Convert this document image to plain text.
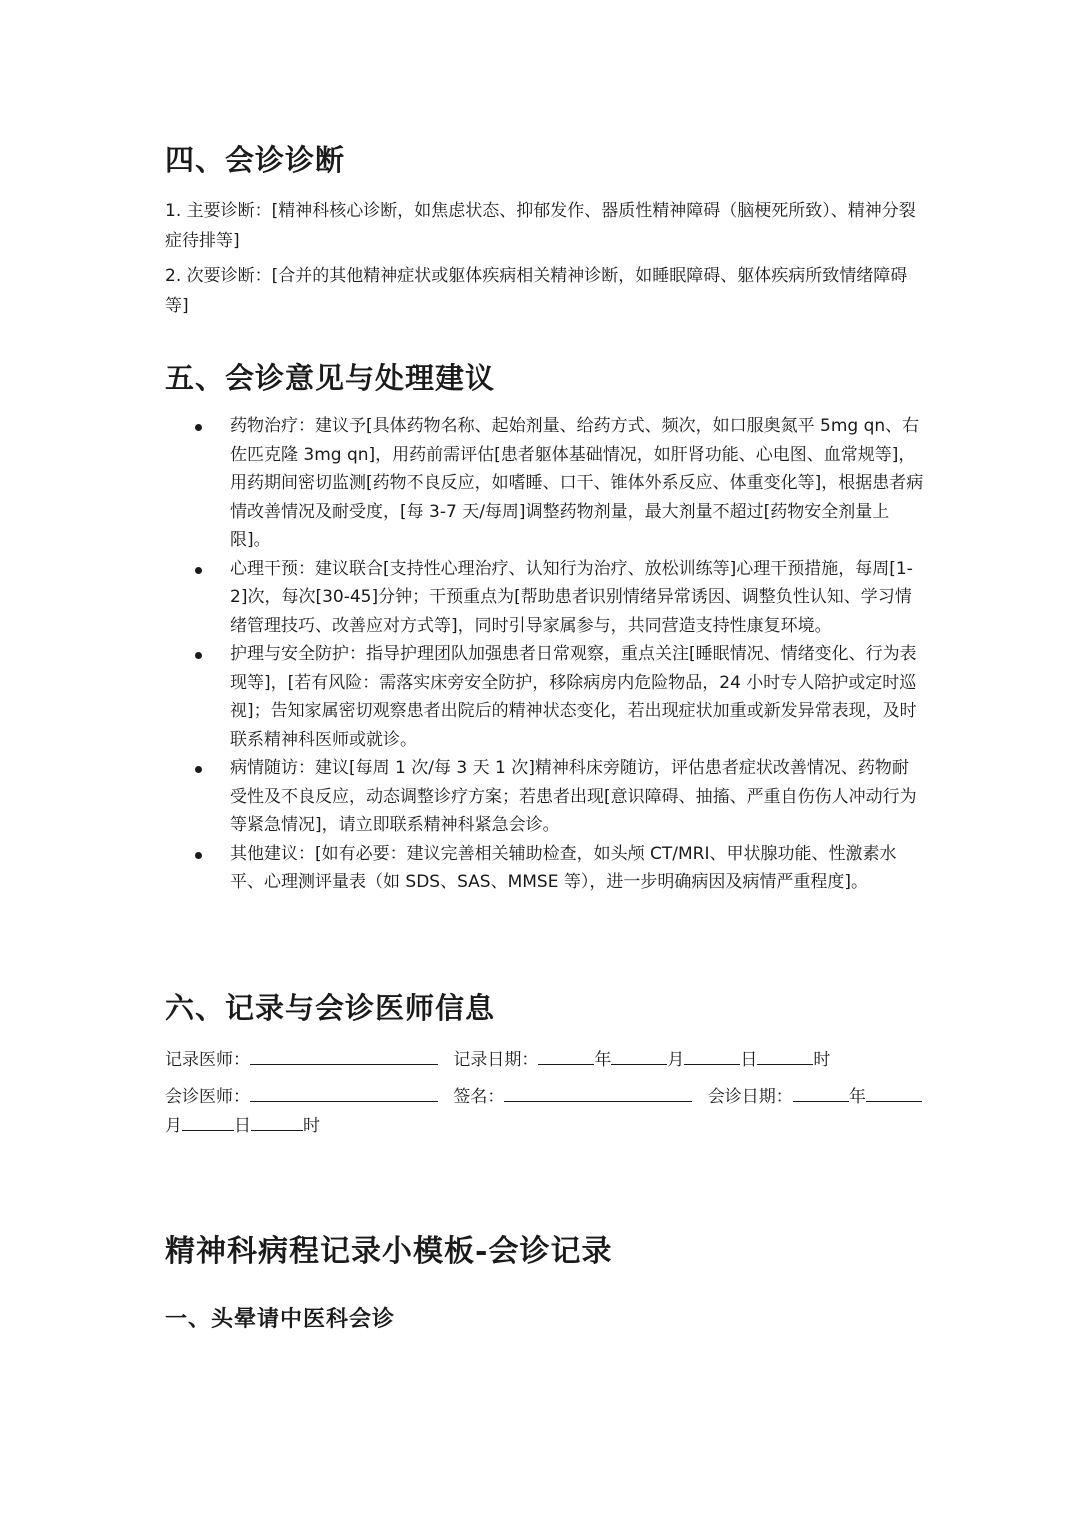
四、会诊诊断

1. 主要诊断：[精神科核心诊断，如焦虑状态、抑郁发作、器质性精神障碍（脑梗死所致）、精神分裂症待排等]

2. 次要诊断：[合并的其他精神症状或躯体疾病相关精神诊断，如睡眠障碍、躯体疾病所致情绪障碍等]

五、会诊意见与处理建议
药物治疗：建议予[具体药物名称、起始剂量、给药方式、频次，如口服奥氮平 5mg qn、右佐匹克隆 3mg qn]，用药前需评估[患者躯体基础情况，如肝肾功能、心电图、血常规等]，用药期间密切监测[药物不良反应，如嗜睡、口干、锥体外系反应、体重变化等]，根据患者病情改善情况及耐受度，[每 3-7 天/每周]调整药物剂量，最大剂量不超过[药物安全剂量上限]。
心理干预：建议联合[支持性心理治疗、认知行为治疗、放松训练等]心理干预措施，每周[1-2]次，每次[30-45]分钟；干预重点为[帮助患者识别情绪异常诱因、调整负性认知、学习情绪管理技巧、改善应对方式等]，同时引导家属参与，共同营造支持性康复环境。
护理与安全防护：指导护理团队加强患者日常观察，重点关注[睡眠情况、情绪变化、行为表现等]，[若有风险：需落实床旁安全防护，移除病房内危险物品，24 小时专人陪护或定时巡视]；告知家属密切观察患者出院后的精神状态变化，若出现症状加重或新发异常表现，及时联系精神科医师或就诊。
病情随访：建议[每周 1 次/每 3 天 1 次]精神科床旁随访，评估患者症状改善情况、药物耐受性及不良反应，动态调整诊疗方案；若患者出现[意识障碍、抽搐、严重自伤伤人冲动行为等紧急情况]，请立即联系精神科紧急会诊。
其他建议：[如有必要：建议完善相关辅助检查，如头颅 CT/MRI、甲状腺功能、性激素水平、心理测评量表（如 SDS、SAS、MMSE 等），进一步明确病因及病情严重程度]。
六、记录与会诊医师信息
记录医师：	记录日期：	年	月	日	时
会诊医师：	签名：	会诊日期：	年
月	日	时
精神科病程记录小模板-会诊记录
一、头晕请中医科会诊
